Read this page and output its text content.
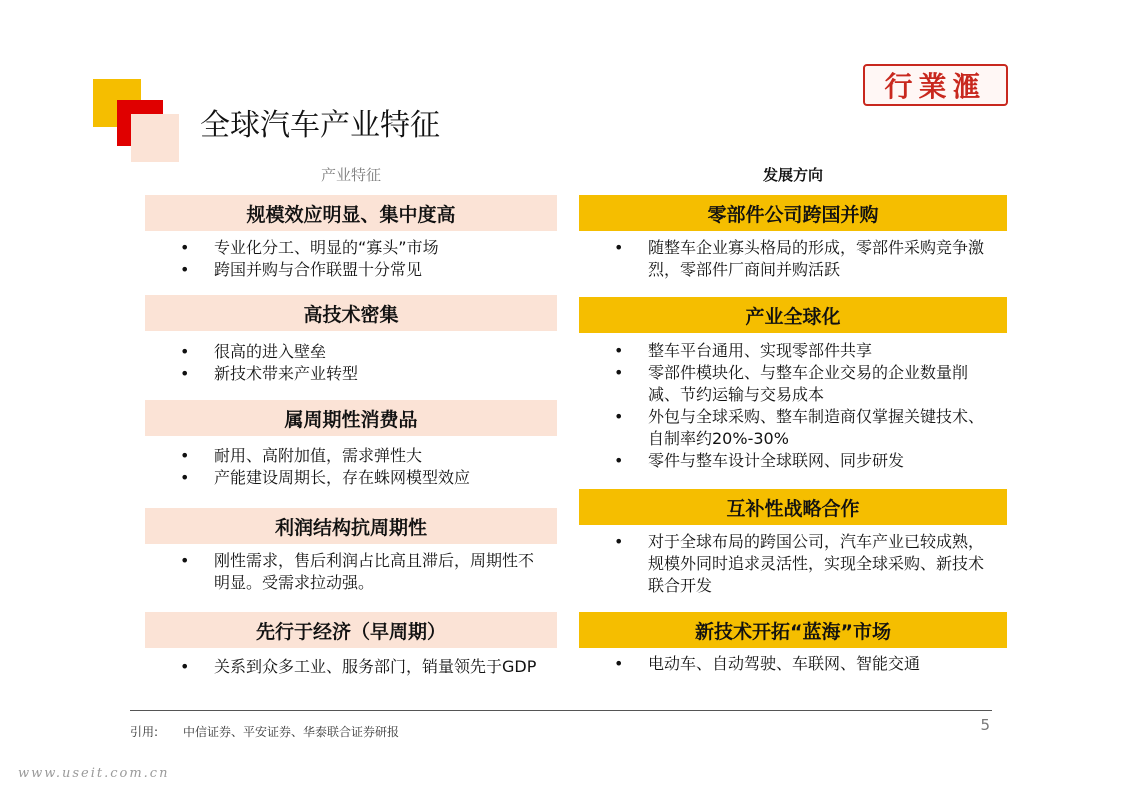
全球汽车产业特征
行業滙
产业特征	发展方向
规模效应明显、集中度高
• 专业化分工、明显的“寡头”市场
• 跨国并购与合作联盟十分常见
高技术密集
• 很高的进入壁垒
• 新技术带来产业转型
属周期性消费品
• 耐用、高附加值，需求弹性大
• 产能建设周期长，存在蛛网模型效应
利润结构抗周期性
• 刚性需求，售后利润占比高且滞后，周期性不明显。受需求拉动强。
先行于经济（早周期）
• 关系到众多工业、服务部门，销量领先于GDP
零部件公司跨国并购
• 随整车企业寡头格局的形成，零部件采购竞争激烈，零部件厂商间并购活跃
产业全球化
• 整车平台通用、实现零部件共享
• 零部件模块化、与整车企业交易的企业数量削减、节约运输与交易成本
• 外包与全球采购、整车制造商仅掌握关键技术、自制率约20%-30%
• 零件与整车设计全球联网、同步研发
互补性战略合作
• 对于全球布局的跨国公司，汽车产业已较成熟，规模外同时追求灵活性，实现全球采购、新技术联合开发
新技术开拓“蓝海”市场
• 电动车、自动驾驶、车联网、智能交通
5
引用: 中信证券、平安证券、华泰联合证券研报
www.useit.com.cn
